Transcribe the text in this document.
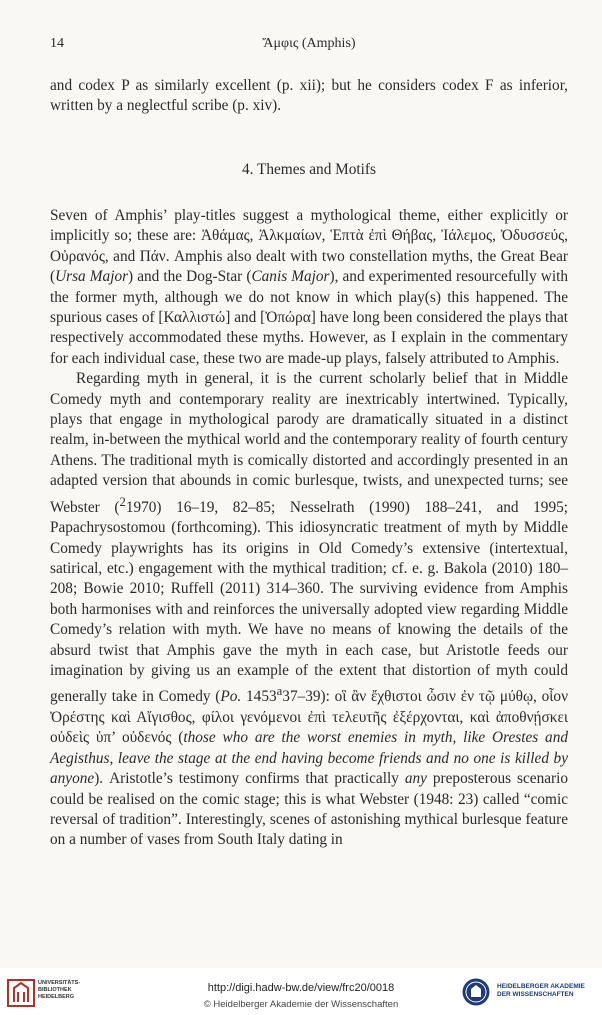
14	Ἄμφις (Amphis)

and codex P as similarly excellent (p. xii); but he considers codex F as inferior, written by a neglectful scribe (p. xiv).

4. Themes and Motifs

Seven of Amphis’ play-titles suggest a mythological theme, either explicitly or implicitly so; these are: Ἀθάμας, Ἀλκμαίων, Ἑπτὰ ἐπὶ Θήβας, Ἰάλεμος, Ὀδυσσεύς, Οὐρανός, and Πάν. Amphis also dealt with two constellation myths, the Great Bear (Ursa Major) and the Dog-Star (Canis Major), and experimented resourcefully with the former myth, although we do not know in which play(s) this happened. The spurious cases of [Καλλιστώ] and [Ὀπώρα] have long been considered the plays that respectively accommodated these myths. However, as I explain in the commentary for each individual case, these two are made-up plays, falsely attributed to Amphis.

Regarding myth in general, it is the current scholarly belief that in Middle Comedy myth and contemporary reality are inextricably intertwined. Typically, plays that engage in mythological parody are dramatically situated in a distinct realm, in-between the mythical world and the contemporary reality of fourth century Athens. The traditional myth is comically distorted and accordingly presented in an adapted version that abounds in comic burlesque, twists, and unexpected turns; see Webster ($^2$1970) 16–19, 82–85; Nesselrath (1990) 188–241, and 1995; Papachrysostomou (forthcoming). This idiosyncratic treatment of myth by Middle Comedy playwrights has its origins in Old Comedy’s extensive (intertextual, satirical, etc.) engagement with the mythical tradition; cf. e. g. Bakola (2010) 180–208; Bowie 2010; Ruffell (2011) 314–360. The surviving evidence from Amphis both harmonises with and reinforces the universally adopted view regarding Middle Comedy’s relation with myth. We have no means of knowing the details of the absurd twist that Amphis gave the myth in each case, but Aristotle feeds our imagination by giving us an example of the extent that distortion of myth could generally take in Comedy (Po. 1453$^a$37–39): οἳ ἂν ἔχθιστοι ὦσιν ἐν τῷ μύθῳ, οἷον Ὀρέστης καὶ Αἴγισθος, φίλοι γενόμενοι ἐπὶ τελευτῆς ἐξέρχονται, καὶ ἀποθνῄσκει οὐδεὶς ὑπ’ οὐδενός (those who are the worst enemies in myth, like Orestes and Aegisthus, leave the stage at the end having become friends and no one is killed by anyone). Aristotle’s testimony confirms that practically any preposterous scenario could be realised on the comic stage; this is what Webster (1948: 23) called “comic reversal of tradition”. Interestingly, scenes of astonishing mythical burlesque feature on a number of vases from South Italy dating in

UNIVERSITÄTS-
BIBLIOTHEK
HEIDELBERG
http://digi.hadw-bw.de/view/frc20/0018
© Heidelberger Akademie der Wissenschaften
HEIDELBERGER AKADEMIE
DER WISSENSCHAFTEN
